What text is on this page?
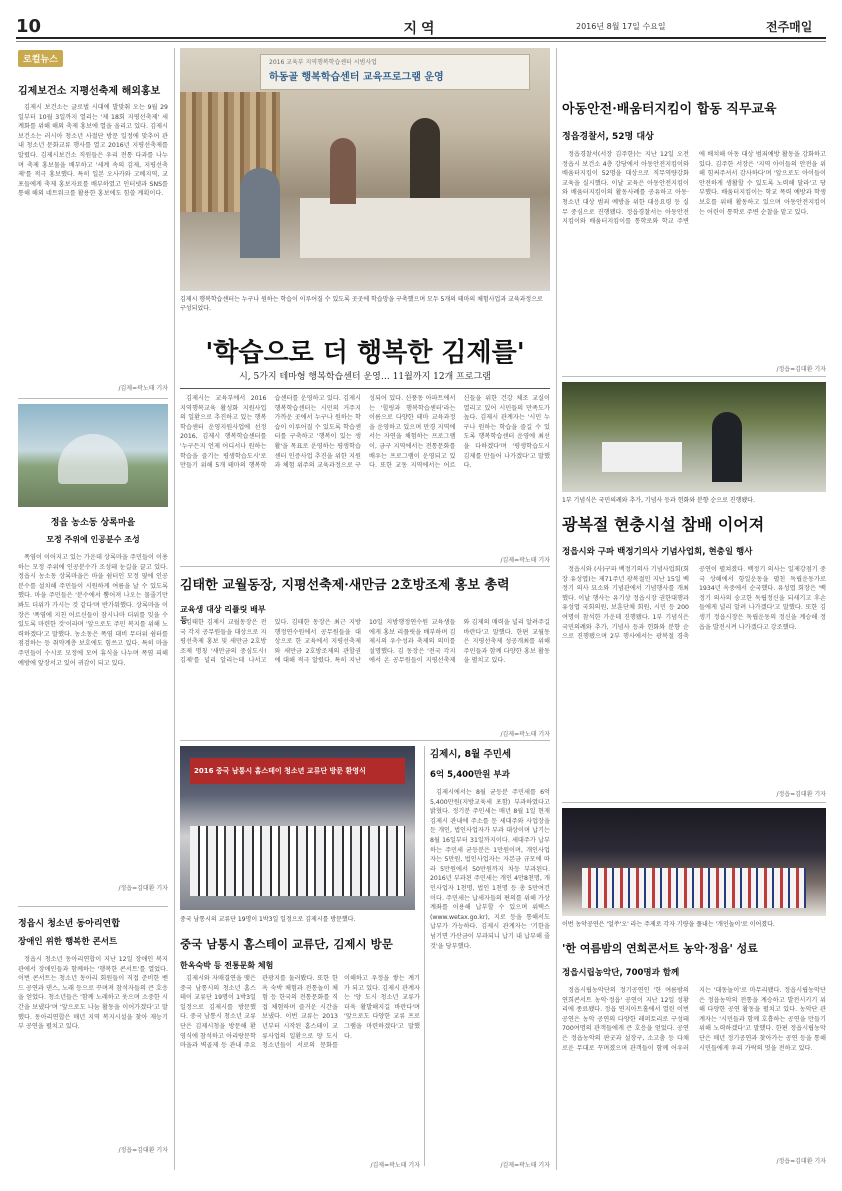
10	지역	2016년 8월 17일 수요일	전주매일
로컬뉴스
김제보건소 지평선축제 해외홍보

김제시 보건소는 글로벌 시대에 발맞춰 오는 9월 29일부터 10월 3일까지 열리는 '제 18회 지평선축제' 세계화를 위해 해외 축제 홍보에 열을 올리고 있다. 김제시보건소는 러시아 청소년 사절단 방문 일정에 맞추어 관내 청소년 문화교류 행사를 열고 2016년 지평선축제를 알렸다. 김제시보건소 직원들은 우리 전통 다과를 나누며 축제 홍보물을 배부하고 '세계 속의 김제, 지평선축제'를 적극 홍보했다. 특히 일본 오사카와 고베지역, 교포들에게 축제 홍보자료를 배부하였고 인터넷과 SNS를 통해 해외 네트워크를 활용한 홍보에도 힘쓸 계획이다.

/김제=곽노태 기자
정읍 농소동 상록마을
모정 주위에 인공분수 조성

폭염이 이어지고 있는 가운데 상록마을 주민들이 이용하는 모정 주위에 인공분수가 조성돼 눈길을 끌고 있다. 정읍시 농소동 상록마을은 마을 쉼터인 모정 옆에 인공분수를 설치해 주민들이 시원하게 여름을 날 수 있도록 했다. 마을 주민들은 '분수에서 뿜어져 나오는 물줄기만 봐도 더위가 가시는 것 같다'며 반가워했다. 상록마을 이장은 '폭염에 지친 어르신들이 잠시나마 더위를 잊을 수 있도록 마련한 것'이라며 '앞으로도 주민 복지를 위해 노력하겠다'고 말했다. 농소동은 폭염 대비 무더위 쉼터를 점검하는 등 취약계층 보호에도 힘쓰고 있다. 특히 마을주민들이 수시로 모정에 모여 휴식을 나누며 폭염 피해 예방에 앞장서고 있어 귀감이 되고 있다.

/정읍=김대환 기자
정읍시 청소년 동아리연합
장애인 위한 행복한 콘서트

정읍시 청소년 동아리연합이 지난 12일 장애인 복지관에서 장애인들과 함께하는 '행복한 콘서트'를 열었다. 이번 콘서트는 청소년 동아리 회원들이 직접 준비한 밴드 공연과 댄스, 노래 등으로 꾸며져 참석자들의 큰 호응을 얻었다. 청소년들은 '함께 노래하고 웃으며 소중한 시간을 보냈다'며 '앞으로도 나눔 활동을 이어가겠다'고 말했다. 동아리연합은 매년 지역 복지시설을 찾아 재능기부 공연을 펼치고 있다.

/정읍=김대환 기자
2016 교육부 지역행복학습센터 시범사업
하동골 행복학습센터 교육프로그램 운영
김제시 행복학습센터는 누구나 원하는 학습이 이루어질 수 있도록 곳곳에 학습망을 구축했으며 모두 5개의 테마의 체험사업과 교육과정으로 구성되었다.
'학습으로 더 행복한 김제를'
시, 5가지 테마형 행복학습센터 운영… 11월까지 12개 프로그램

김제시는 교육부에서 2016 지역행복교육 활성화 지원사업의 일환으로 추진하고 있는 행복학습센터 운영지원사업에 선정 2016, 김제시 행복학습센터를 '누구든지 언제 어디서나 원하는 학습을 즐기는 평생학습도시'로 만들기 위해 5개 테마의 행복학습센터를 운영하고 있다. 김제시 행복학습센터는 시민의 거주지 가까운 곳에서 누구나 원하는 학습이 이루어질 수 있도록 학습센터를 구축하고 '행복이 있는 생활'을 목표로 운영하는 평생학습센터 인증사업 추진을 위한 지원과 체험 위주의 교육과정으로 구성되어 있다. 신풍동 아파트에서는 '힐링과 행복학습센터'라는 이름으로 다양한 테마 교육과정을 운영하고 있으며 만경 지역에서는 자연을 체험하는 프로그램이, 금구 지역에서는 전통문화를 배우는 프로그램이 운영되고 있다. 또한 교동 지역에서는 어르신들을 위한 건강 체조 교실이 열리고 있어 시민들의 만족도가 높다. 김제시 관계자는 '시민 누구나 원하는 학습을 즐길 수 있도록 행복학습센터 운영에 최선을 다하겠다'며 '평생학습도시 김제를 만들어 나가겠다'고 말했다.

/김제=곽노태 기자
김태한 교월동장, 지평선축제·새만금 2호방조제 홍보 총력
교육생 대상 리플릿 배부 등

김태한 김제시 교월동장은 전국 각지 공무원들을 대상으로 지평선축제 홍보 및 새만금 2호방조제 명칭 '새만금의 중심도시! 김제'를 널리 알리는데 나서고 있다. 김태한 동장은 최근 지방행정연수원에서 공무원들을 대상으로 한 교육에서 지평선축제와 새만금 2호방조제의 관할권에 대해 적극 알렸다. 특히 지난 10일 지방행정연수원 교육생들에게 홍보 리플릿을 배부하며 김제시의 우수성과 축제의 의미를 설명했다. 김 동장은 '전국 각지에서 온 공무원들이 지평선축제와 김제의 매력을 널리 알려주길 바란다'고 말했다. 한편 교월동은 지평선축제 성공개최를 위해 주민들과 함께 다양한 홍보 활동을 펼치고 있다.

/김제=곽노태 기자
2016 중국 남통시 홈스테이 청소년 교류단 방문 환영식
중국 남통시의 교류단 19명이 1박3일 일정으로 김제시를 방문했다.
중국 남통시 홈스테이 교류단, 김제시 방문
한옥숙박 등 전통문화 체험

김제시와 자매결연을 맺은 중국 남통시의 청소년 홈스테이 교류단 19명이 1박3일 일정으로 김제시를 방문했다. 중국 남통시 청소년 교류단은 김제시청을 방문해 환영식에 참석하고 아리랑문학마을과 벽골제 등 관내 주요 관광지를 둘러봤다. 또한 한옥 숙박 체험과 전통놀이 체험 등 한국의 전통문화를 직접 체험하며 즐거운 시간을 보냈다. 이번 교류는 2013년부터 시작된 홈스테이 교류사업의 일환으로 양 도시 청소년들이 서로의 문화를 이해하고 우정을 쌓는 계기가 되고 있다. 김제시 관계자는 '양 도시 청소년 교류가 더욱 활발해지길 바란다'며 '앞으로도 다양한 교류 프로그램을 마련하겠다'고 말했다.

/김제=곽노태 기자
김제시, 8월 주민세
6억 5,400만원 부과

김제시에서는 8월 균등분 주민세를 6억5,400만원(지방교육세 포함) 부과하였다고 밝혔다. 정기분 주민세는 매년 8월 1일 현재 김제시 관내에 주소를 둔 세대주와 사업장을 둔 개인, 법인사업자가 부과 대상이며 납기는 8월 16일부터 31일까지이다. 세대주가 납부하는 주민세 균등분은 1만원이며, 개인사업자는 5만원, 법인사업자는 자본금 규모에 따라 5만원에서 50만원까지 차등 부과된다. 2016년 부과된 주민세는 개인 4만8천명, 개인사업자 1천명, 법인 1천명 등 총 5만여건이다. 주민세는 납세자들의 편의를 위해 가상계좌를 이용해 납부할 수 있으며 위택스(www.wetax.go.kr), 지로 등을 통해서도 납부가 가능하다. 김제시 관계자는 '기한을 넘기면 가산금이 부과되니 납기 내 납부해 줄 것'을 당부했다.

/김제=곽노태 기자
아동안전·배움터지킴이 합동 직무교육
정읍경찰서, 52명 대상

정읍경찰서(서장 김주한)는 지난 12일 오전 정읍시 보건소 4층 강당에서 아동안전지킴이와 배움터지킴이 52명을 대상으로 직무역량강화교육을 실시했다. 이날 교육은 아동안전지킴이와 배움터지킴이의 활동사례를 공유하고 아동·청소년 대상 범죄 예방을 위한 대응요령 등 실무 중심으로 진행됐다. 정읍경찰서는 아동안전지킴이와 배움터지킴이를 통학로와 학교 주변에 배치해 아동 대상 범죄예방 활동을 강화하고 있다. 김주한 서장은 '지역 아이들의 안전을 위해 힘써주셔서 감사하다'며 '앞으로도 아이들이 안전하게 생활할 수 있도록 노력해 달라'고 당부했다. 배움터지킴이는 학교 폭력 예방과 학생 보호를 위해 활동하고 있으며 아동안전지킴이는 어린이 통학로 주변 순찰을 맡고 있다.

/정읍=김대환 기자
1부 기념식은 국민의례와 추가, 기념사 등과 헌화와 분향 순으로 진행됐다.
광복절 현충시설 참배 이어져
정읍시와 구파 백정기의사 기념사업회, 현충일 행사

정읍시와 (사)구파 백정기의사 기념사업회(회장 유성엽)는 제71주년 광복절인 지난 15일 백정기 의사 묘소와 기념관에서 기념행사를 개최했다. 이날 행사는 유기상 정읍시장 권한대행과 유성엽 국회의원, 보훈단체 회원, 시민 등 200여명이 참석한 가운데 진행됐다. 1부 기념식은 국민의례와 추가, 기념사 등과 헌화와 분향 순으로 진행됐으며 2부 행사에서는 광복절 경축 공연이 펼쳐졌다. 백정기 의사는 일제강점기 중국 상해에서 항일운동을 펼친 독립운동가로 1934년 옥중에서 순국했다. 유성엽 회장은 '백정기 의사의 숭고한 독립정신을 되새기고 후손들에게 널리 알려 나가겠다'고 말했다. 또한 김생기 정읍시장은 독립운동의 정신을 계승해 정읍을 발전시켜 나가겠다고 강조했다.

/정읍=김대환 기자
이번 농악공연은 '얼쑤'오' 라는 주제로 각자 기량을 풀내는 '개인놀이'로 이어졌다.
'한 여름밤의 연희콘서트 농악·정읍' 성료
정읍시립농악단, 700명과 함께

정읍시립농악단의 정기공연인 '한 여름밤의 연희콘서트 농악·정읍' 공연이 지난 12일 성황리에 종료됐다. 정읍 연지아트홀에서 열린 이번 공연은 농악 공연의 다양한 레퍼토리로 구성돼 700여명의 관객들에게 큰 호응을 얻었다. 공연은 정읍농악의 판굿과 설장구, 소고춤 등 다채로운 무대로 꾸며졌으며 관객들이 함께 어우러지는 '대동놀이'로 마무리됐다. 정읍시립농악단은 정읍농악의 전통을 계승하고 발전시키기 위해 다양한 공연 활동을 펼치고 있다. 농악단 관계자는 '시민들과 함께 호흡하는 공연을 만들기 위해 노력하겠다'고 말했다. 한편 정읍시립농악단은 매년 정기공연과 찾아가는 공연 등을 통해 시민들에게 우리 가락의 멋을 전하고 있다.

/정읍=김대환 기자
